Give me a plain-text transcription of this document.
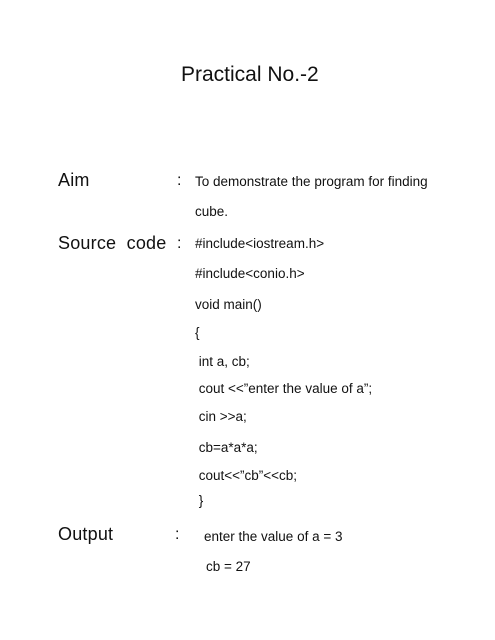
Practical No.-2
Aim	: To demonstrate the program for finding
cube.
Source  code : #include<iostream.h>
#include<conio.h>
void main()
{
int a, cb;
cout <<”enter the value of a”;
cin >>a;
cb=a*a*a;
cout<<”cb”<<cb;
}
Output	: enter the value of a = 3
cb = 27
